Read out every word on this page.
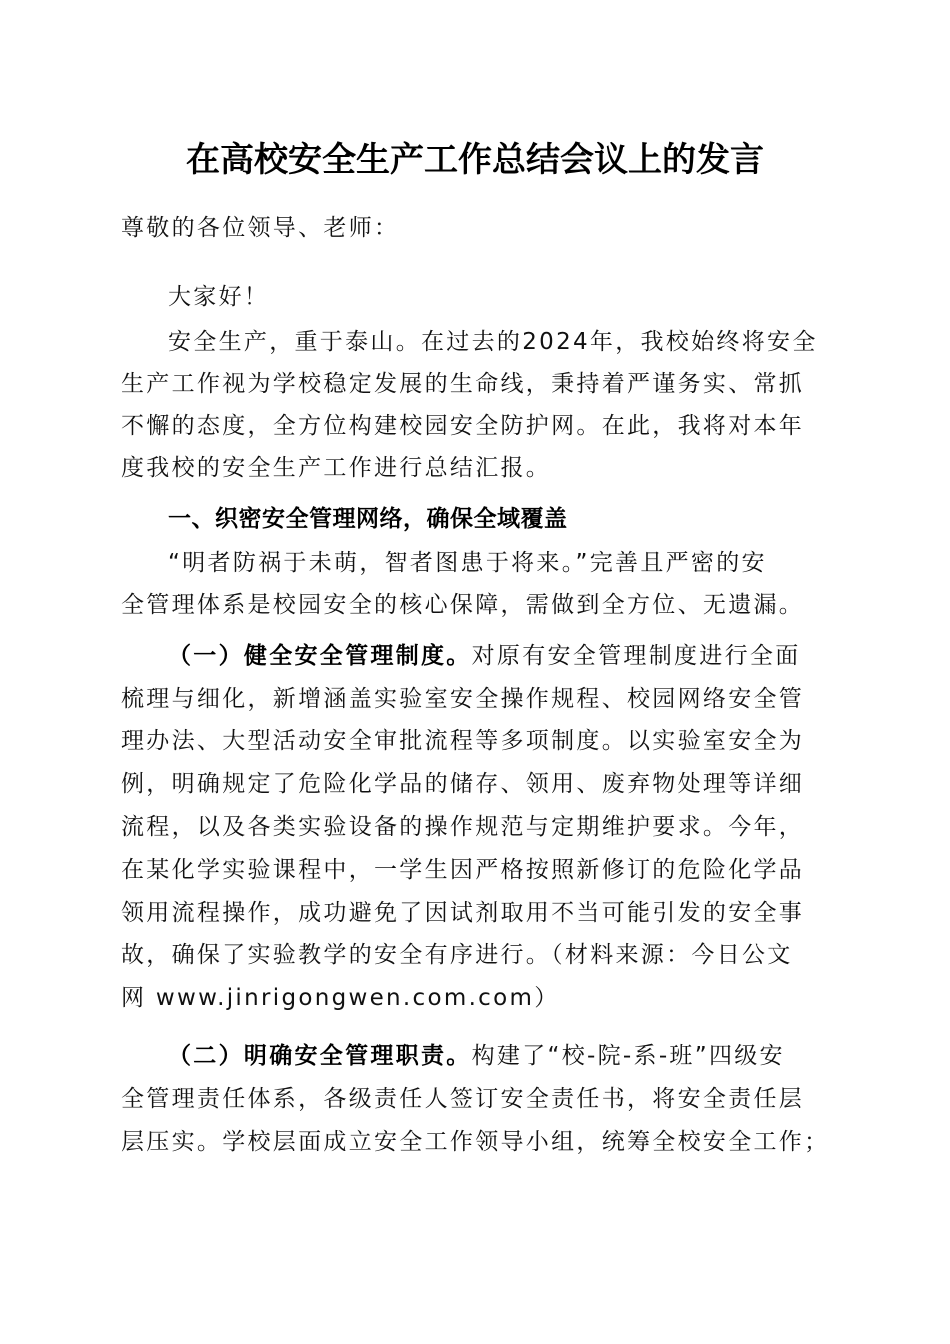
在高校安全生产工作总结会议上的发言
尊敬的各位领导、老师：
大家好！
安全生产，重于泰山。在过去的2024年，我校始终将安全
生产工作视为学校稳定发展的生命线，秉持着严谨务实、常抓
不懈的态度，全方位构建校园安全防护网。在此，我将对本年
度我校的安全生产工作进行总结汇报。
一、织密安全管理网络，确保全域覆盖
“明者防祸于未萌，智者图患于将来。”完善且严密的安
全管理体系是校园安全的核心保障，需做到全方位、无遗漏。
（一）健全安全管理制度。对原有安全管理制度进行全面
梳理与细化，新增涵盖实验室安全操作规程、校园网络安全管
理办法、大型活动安全审批流程等多项制度。以实验室安全为
例，明确规定了危险化学品的储存、领用、废弃物处理等详细
流程，以及各类实验设备的操作规范与定期维护要求。今年，
在某化学实验课程中，一学生因严格按照新修订的危险化学品
领用流程操作，成功避免了因试剂取用不当可能引发的安全事
故，确保了实验教学的安全有序进行。（材料来源：今日公文
网 www.jinrigongwen.com.com）
（二）明确安全管理职责。构建了“校-院-系-班”四级安
全管理责任体系，各级责任人签订安全责任书，将安全责任层
层压实。学校层面成立安全工作领导小组，统筹全校安全工作；
